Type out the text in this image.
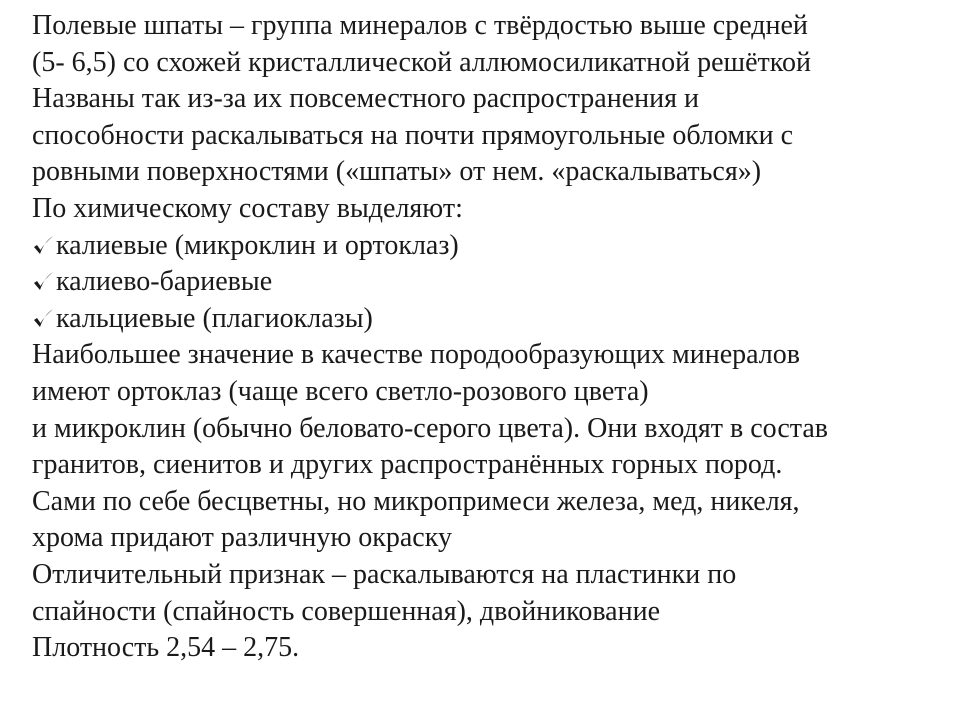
Полевые шпаты – группа минералов с твёрдостью выше средней
(5- 6,5) со схожей кристаллической аллюмосиликатной решёткой
Названы так из-за их повсеместного распространения и
способности раскалываться на почти прямоугольные обломки с
ровными поверхностями («шпаты» от нем. «раскалываться»)
По химическому составу выделяют:
калиевые (микроклин и ортоклаз)
калиево-бариевые
кальциевые (плагиоклазы)
Наибольшее значение в качестве породообразующих минералов
имеют ортоклаз (чаще всего светло-розового цвета)
и микроклин (обычно беловато-серого цвета). Они входят в состав
гранитов, сиенитов и других распространённых горных пород.
Сами по себе бесцветны, но микропримеси железа, мед, никеля,
хрома придают различную окраску
Отличительный признак – раскалываются на пластинки по
спайности (спайность совершенная), двойникование
Плотность 2,54 – 2,75.
